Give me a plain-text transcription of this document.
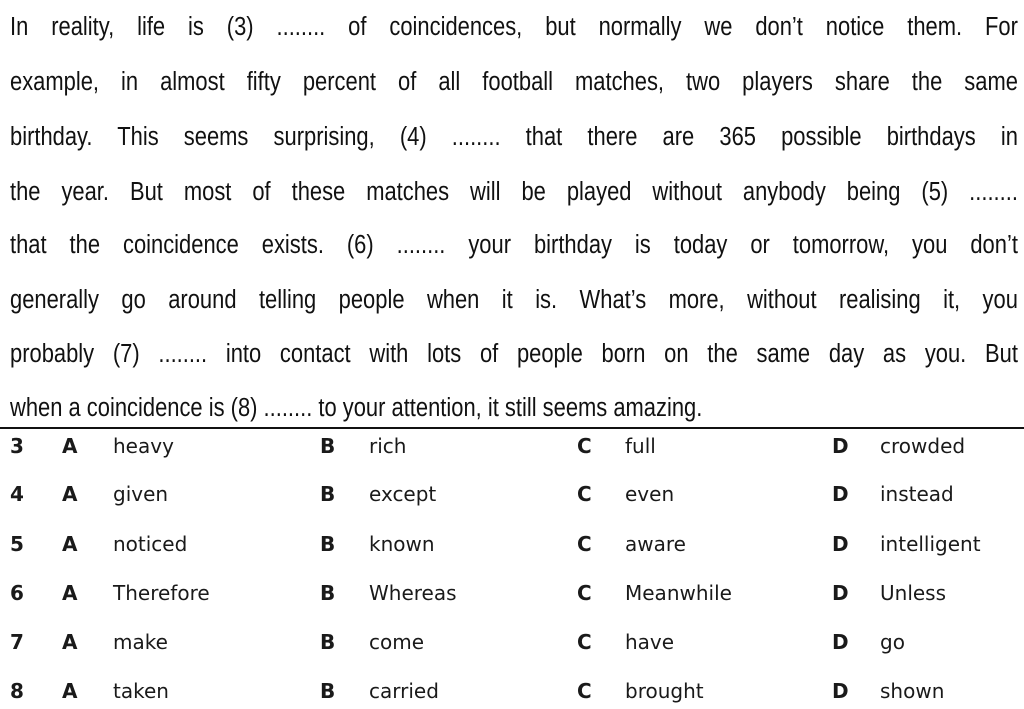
In reality, life is (3) ........ of coincidences, but normally we don’t notice them. For
example, in almost fifty percent of all football matches, two players share the same
birthday. This seems surprising, (4) ........ that there are 365 possible birthdays in
the year. But most of these matches will be played without anybody being (5) ........
that the coincidence exists. (6) ........ your birthday is today or tomorrow, you don’t
generally go around telling people when it is. What’s more, without realising it, you
probably (7) ........ into contact with lots of people born on the same day as you. But
when a coincidence is (8) ........ to your attention, it still seems amazing.
3 A heavy	B rich	C full	D crowded
4 A given	B except	C even	D instead
5 A noticed	B known	C aware	D intelligent
6 A Therefore	B Whereas	C Meanwhile	D Unless
7 A make	B come	C have	D go
8 A taken	B carried	C brought	D shown
